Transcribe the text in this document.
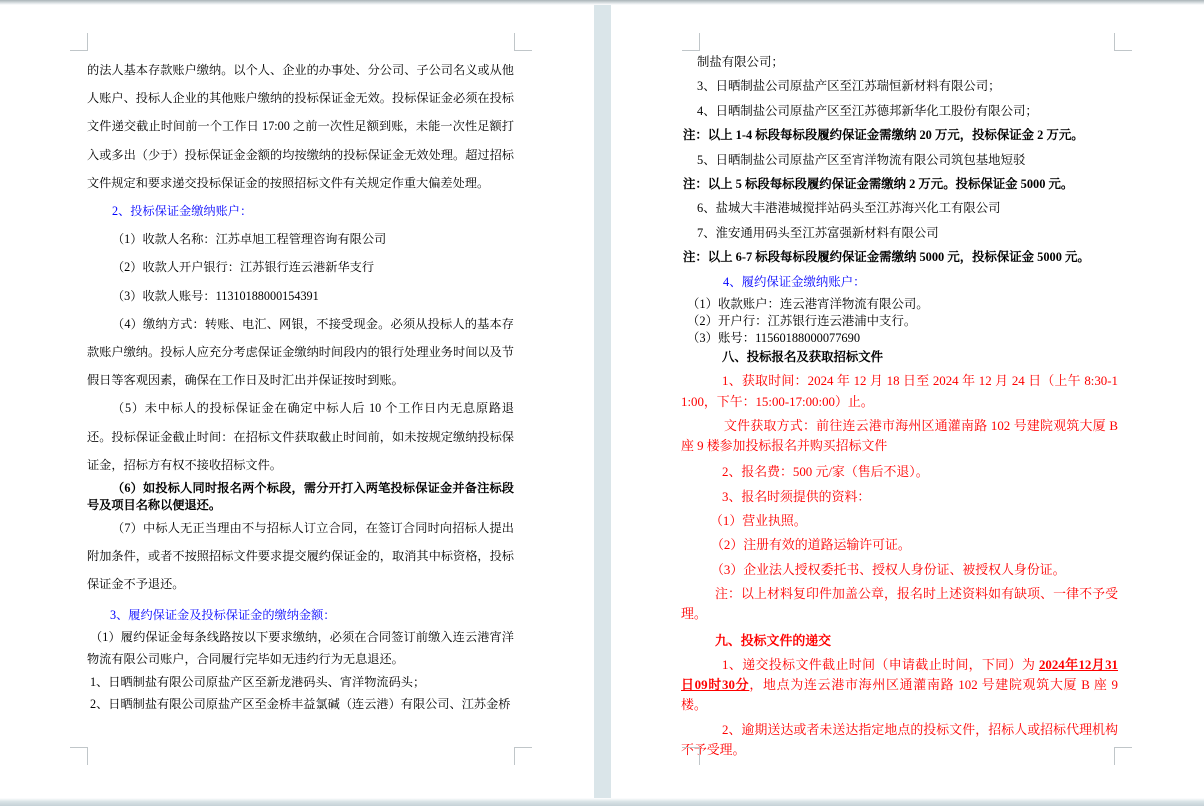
的法人基本存款账户缴纳。以个人、企业的办事处、分公司、子公司名义或从他人账户、投标人企业的其他账户缴纳的投标保证金无效。投标保证金必须在投标文件递交截止时间前一个工作日 17:00 之前一次性足额到账，未能一次性足额打入或多出（少于）投标保证金金额的均按缴纳的投标保证金无效处理。超过招标文件规定和要求递交投标保证金的按照招标文件有关规定作重大偏差处理。

2、投标保证金缴纳账户：

（1）收款人名称：江苏卓旭工程管理咨询有限公司

（2）收款人开户银行：江苏银行连云港新华支行

（3）收款人账号：11310188000154391

（4）缴纳方式：转账、电汇、网银，不接受现金。必须从投标人的基本存款账户缴纳。投标人应充分考虑保证金缴纳时间段内的银行处理业务时间以及节假日等客观因素，确保在工作日及时汇出并保证按时到账。

（5）未中标人的投标保证金在确定中标人后 10 个工作日内无息原路退还。投标保证金截止时间：在招标文件获取截止时间前，如未按规定缴纳投标保证金，招标方有权不接收招标文件。

（6）如投标人同时报名两个标段，需分开打入两笔投标保证金并备注标段号及项目名称以便退还。

（7）中标人无正当理由不与招标人订立合同，在签订合同时向招标人提出附加条件，或者不按照招标文件要求提交履约保证金的，取消其中标资格，投标保证金不予退还。

3、履约保证金及投标保证金的缴纳金额：

（1）履约保证金每条线路按以下要求缴纳，必须在合同签订前缴入连云港宵洋物流有限公司账户，合同履行完毕如无违约行为无息退还。

1、日晒制盐有限公司原盐产区至新龙港码头、宵洋物流码头；

2、日晒制盐有限公司原盐产区至金桥丰益氯碱（连云港）有限公司、江苏金桥

制盐有限公司；

3、日晒制盐公司原盐产区至江苏瑞恒新材料有限公司；

4、日晒制盐公司原盐产区至江苏德邦新华化工股份有限公司；

注：以上 1-4 标段每标段履约保证金需缴纳 20 万元，投标保证金 2 万元。

5、日晒制盐公司原盐产区至宵洋物流有限公司筑包基地短驳

注：以上 5 标段每标段履约保证金需缴纳 2 万元。投标保证金 5000 元。

6、盐城大丰港港城搅拌站码头至江苏海兴化工有限公司

7、淮安通用码头至江苏富强新材料有限公司

注：以上 6-7 标段每标段履约保证金需缴纳 5000 元，投标保证金 5000 元。

4、履约保证金缴纳账户：

（1）收款账户：连云港宵洋物流有限公司。

（2）开户行：江苏银行连云港浦中支行。

（3）账号：11560188000077690

八、投标报名及获取招标文件

1、获取时间：2024 年 12 月 18 日至 2024 年 12 月 24 日（上午 8:30-11:00，下午：15:00-17:00:00）止。

文件获取方式：前往连云港市海州区通灌南路 102 号建院观筑大厦 B 座 9 楼参加投标报名并购买招标文件

2、报名费：500 元/家（售后不退）。

3、报名时须提供的资料：

（1）营业执照。

（2）注册有效的道路运输许可证。

（3）企业法人授权委托书、授权人身份证、被授权人身份证。

注：以上材料复印件加盖公章，报名时上述资料如有缺项、一律不予受理。

九、投标文件的递交

1、递交投标文件截止时间（申请截止时间，下同）为 2024年12月31日09时30分，地点为连云港市海州区通灌南路 102 号建院观筑大厦 B 座 9 楼。

2、逾期送达或者未送达指定地点的投标文件，招标人或招标代理机构不予受理。
